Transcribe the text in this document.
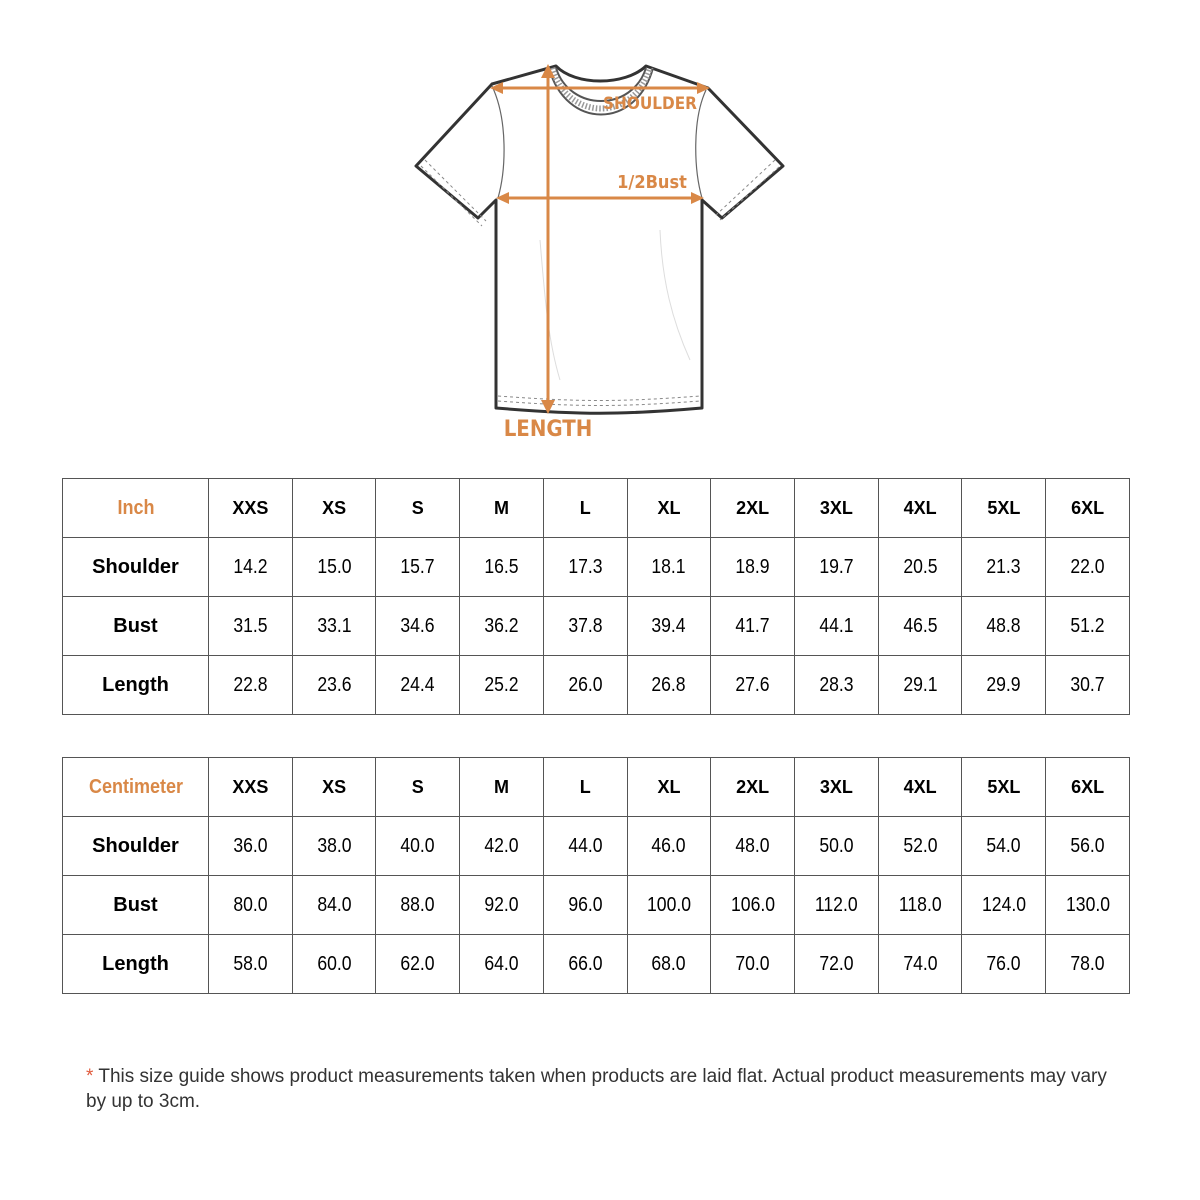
SHOULDER
1/2Bust
LENGTH
Inch	XXS	XS	S	M	L	XL	2XL	3XL	4XL	5XL	6XL
Shoulder	14.2	15.0	15.7	16.5	17.3	18.1	18.9	19.7	20.5	21.3	22.0
Bust	31.5	33.1	34.6	36.2	37.8	39.4	41.7	44.1	46.5	48.8	51.2
Length	22.8	23.6	24.4	25.2	26.0	26.8	27.6	28.3	29.1	29.9	30.7
Centimeter	XXS	XS	S	M	L	XL	2XL	3XL	4XL	5XL	6XL
Shoulder	36.0	38.0	40.0	42.0	44.0	46.0	48.0	50.0	52.0	54.0	56.0
Bust	80.0	84.0	88.0	92.0	96.0	100.0	106.0	112.0	118.0	124.0	130.0
Length	58.0	60.0	62.0	64.0	66.0	68.0	70.0	72.0	74.0	76.0	78.0
* This size guide shows product measurements taken when products are laid flat. Actual product measurements may vary by up to 3cm.
